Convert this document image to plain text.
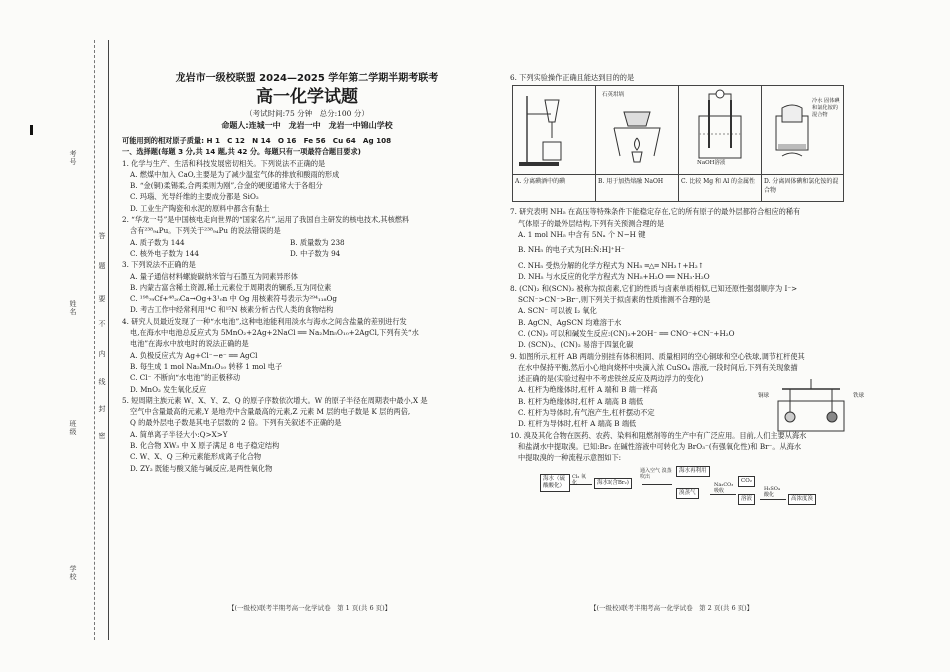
考号
姓名
班级
学校
答
题
不
要
内
线
封
密

龙岩市一级校联盟 2024—2025 学年第二学期半期考联考

高一化学试题

（考试时间:75 分钟　总分:100 分）

命题人:连城一中　龙岩一中　龙岩一中锦山学校

可能用到的相对原子质量: H 1　C 12　N 14　O 16　Fe 56　Cu 64　Ag 108

一、选择题(每题 3 分,共 14 题,共 42 分。每题只有一项最符合题目要求)

1. 化学与生产、生活和科技发展密切相关。下列说法不正确的是

A. 燃煤中加入 CaO,主要是为了减少温室气体的排放和酸雨的形成

B. “金(铜)柔锡柔,合两柔则为刚”,合金的硬度通常大于各组分

C. 玛瑙、光导纤维的主要成分都是 SiO₂

D. 工业生产陶瓷和水泥的原料中都含有黏土

2. “华龙一号”是中国核电走向世界的“国家名片”,运用了我国自主研发的核电技术,其核燃料

含有²³⁸₉₄Pu。下列关于²³⁸₉₄Pu 的说法错误的是

A. 质子数为 144	B. 质量数为 238

C. 核外电子数为 144	D. 中子数为 94

3. 下列说法不正确的是

A. 量子通信材料螺旋碳纳米管与石墨互为同素异形体

B. 内蒙古富含稀土资源,稀土元素位于周期表的镧系,互为同位素

C. ¹⁹⁸₇₉Cf+⁴⁸₂₀Ca→Og+3¹₀n 中 Og 用核素符号表示为²⁹⁴₁₁₈Og

D. 考古工作中经常利用¹⁴C 和¹⁵N 核素分析古代人类的食物结构

4. 研究人员最近发现了一种“水电池”,这种电池能利用淡水与海水之间含盐量的差别进行发

电,在海水中电池总反应式为 5MnO₂+2Ag+2NaCl ══ Na₂Mn₅O₁₀+2AgCl,下列有关“水

电池”在海水中放电时的说法正确的是

A. 负极反应式为 Ag+Cl⁻−e⁻ ══ AgCl

B. 每生成 1 mol Na₂Mn₅O₁₀ 转移 1 mol 电子

C. Cl⁻ 不断向“水电池”的正极移动

D. MnO₂ 发生氧化反应

5. 短周期主族元素 W、X、Y、Z、Q 的原子序数依次增大。W 的原子半径在周期表中最小,X 是

空气中含量最高的元素,Y 是地壳中含量最高的元素,Z 元素 M 层的电子数是 K 层的两倍,

Q 的最外层电子数是其电子层数的 2 倍。下列有关叙述不正确的是

A. 简单离子半径大小:Q>X>Y

B. 化合物 XW₃ 中 X 原子满足 8 电子稳定结构

C. W、X、Q 三种元素能形成离子化合物

D. ZY₂ 既能与酸又能与碱反应,是两性氧化物

6. 下列实验操作正确且能达到目的的是

A. 分离碘酒中的碘
石英坩埚
B. 用于加热熔融 NaOH
NaOH溶液
C. 比较 Mg 和 Al 的金属性
冷水 固体碘和氯化铵的混合物
D. 分离固体碘和氯化铵的混合物

7. 研究表明 NH₅ 在高压等特殊条件下能稳定存在,它的所有原子的最外层都符合相应的稀有

气体原子的最外层结构,下列有关预测合理的是

A. 1 mol NH₅ 中含有 5Nₐ 个 N−H 键

B. NH₅ 的电子式为[H:N̈:H]⁺H⁻

C. NH₅ 受热分解的化学方程式为 NH₅ ═△═ NH₃↑+H₂↑

D. NH₅ 与水反应的化学方程式为 NH₅+H₂O ══ NH₃·H₂O

8. (CN)₂ 和(SCN)₂ 被称为拟卤素,它们的性质与卤素单质相似,已知还原性强弱顺序为 I⁻>

SCN⁻>CN⁻>Br⁻,则下列关于拟卤素的性质推测不合理的是

A. SCN⁻ 可以被 I₂ 氧化

B. AgCN、AgSCN 均难溶于水

C. (CN)₂ 可以和碱发生反应:(CN)₂+2OH⁻ ══ CNO⁻+CN⁻+H₂O

D. (SCN)₂、(CN)₂ 易溶于四氯化碳

9. 如图所示,杠杆 AB 两端分别挂有体积相同、质量相同的空心铜球和空心铁球,调节杠杆使其

在水中保持平衡,然后小心地向烧杯中央滴入浓 CuSO₄ 溶液,一段时间后,下列有关现象描

述正确的是(实验过程中不考虑铁丝反应及两边浮力的变化)

A. 杠杆为绝缘体时,杠杆 A 端和 B 端一样高

B. 杠杆为绝缘体时,杠杆 A 端高 B 端低

C. 杠杆为导体时,有气泡产生,杠杆摆动不定

D. 杠杆为导体时,杠杆 A 端高 B 端低

铜球	铁球

10. 溴及其化合物在医药、农药、染料和阻燃剂等的生产中有广泛应用。目前,人们主要从海水

和盐湖水中提取溴。已知:Br₂ 在碱性溶液中可转化为 BrO₃⁻(有强氧化性)和 Br⁻。从海水

中提取溴的一种流程示意图如下:

海水（硫酸酸化）
Cl₂ 氧化	海水Ⅰ(含Br₂)
通入空气 溴蒸吹出
海水再利用
溴蒸气
Na₂CO₃ 吸收
CO₂
溶液
H₂SO₄ 酸化
高浓度溴
【(一级校)联考半期考高一化学试卷　第 1 页(共 6 页)】	【(一级校)联考半期考高一化学试卷　第 2 页(共 6 页)】
